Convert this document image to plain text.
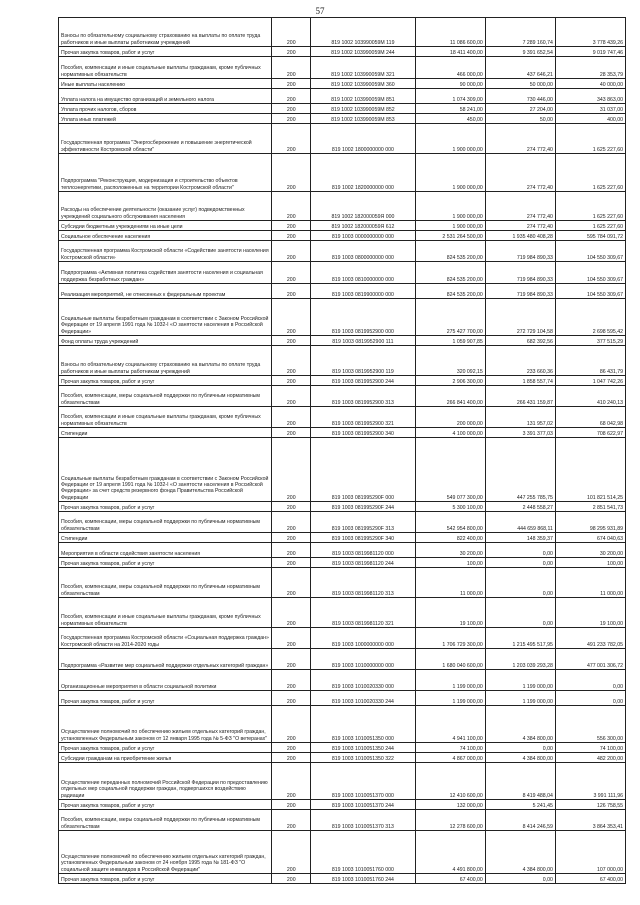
57
Взносы по обязательному социальному страхованию на выплаты по оплате труда работников и иные выплаты работникам учреждений	200	819 1002 103990059М 119	11 086 600,00	7 289 160,74	3 778 439,26
Прочая закупка товаров, работ и услуг	200	819 1002 103990059М 244	18 411 400,00	9 391 652,54	9 019 747,46
Пособия, компенсации и иные социальные выплаты гражданам, кроме публичных нормативных обязательств	200	819 1002 103990059М 321	466 000,00	437 646,21	28 353,79
Иные выплаты населению	200	819 1002 103990059М 360	90 000,00	50 000,00	40 000,00
Уплата налога на имущество организаций и земельного налога	200	819 1002 103990059М 851	1 074 309,00	730 446,00	343 863,00
Уплата прочих налогов, сборов	200	819 1002 103990059М 852	58 241,00	27 204,00	31 037,00
Уплата иных платежей	200	819 1002 103990059М 853	450,00	50,00	400,00
Государственная программа "Энергосбережение и повышение энергетической эффективности Костромской области"	200	819 1002 1800000000 000	1 900 000,00	274 772,40	1 625 227,60
Подпрограмма "Реконструкция, модернизация и строительство объектов теплоэнергетики, расположенных на территории Костромской области"	200	819 1002 1820000000 000	1 900 000,00	274 772,40	1 625 227,60
Расходы на обеспечение деятельности (оказание услуг) подведомственных учреждений социального обслуживания населения	200	819 1002 182000059Я 000	1 900 000,00	274 772,40	1 625 227,60
Субсидии бюджетным учреждениям на иные цели	200	819 1002 182000059Я 612	1 900 000,00	274 772,40	1 625 227,60
Социальное обеспечение населения	200	819 1003 0000000000 000	2 531 264 500,00	1 935 480 408,28	595 784 091,72
Государственная программа Костромской области «Содействие занятости населения Костромской области»	200	819 1003 0800000000 000	824 535 200,00	719 984 890,33	104 550 309,67
Подпрограмма «Активная политика содействия занятости населения и социальная поддержка безработных граждан»	200	819 1003 0810000000 000	824 535 200,00	719 984 890,33	104 550 309,67
Реализация мероприятий, не отнесенных к федеральным проектам	200	819 1003 0819900000 000	824 535 200,00	719 984 890,33	104 550 309,67
Социальные выплаты безработным гражданам в соответствии с Законом Российской Федерации от 19 апреля 1991 года № 1032-I «О занятости населения в Российской Федерации»	200	819 1003 0819952900 000	275 427 700,00	272 729 104,58	2 698 595,42
Фонд оплаты труда учреждений	200	819 1003 0819952900 111	1 059 907,85	682 392,56	377 515,29
Взносы по обязательному социальному страхованию на выплаты по оплате труда работников и иные выплаты работникам учреждений	200	819 1003 0819952900 119	320 092,15	233 660,36	86 431,79
Прочая закупка товаров, работ и услуг	200	819 1003 0819952900 244	2 906 300,00	1 858 557,74	1 047 742,26
Пособия, компенсации, меры социальной поддержки по публичным нормативным обязательствам	200	819 1003 0819952900 313	266 841 400,00	266 431 159,87	410 240,13
Пособия, компенсации и иные социальные выплаты гражданам, кроме публичных нормативных обязательств	200	819 1003 0819952900 321	200 000,00	131 957,02	68 042,98
Стипендии	200	819 1003 0819952900 340	4 100 000,00	3 391 377,03	708 622,97
Социальные выплаты безработным гражданам в соответствии с Законом Российской Федерации от 19 апреля 1991 года № 1032-I «О занятости населения в Российской Федерации» за счет средств резервного фонда Правительства Российской Федерации	200	819 1003 081995290F 000	549 077 300,00	447 255 785,75	101 821 514,25
Прочая закупка товаров, работ и услуг	200	819 1003 081995290F 244	5 300 100,00	2 448 558,27	2 851 541,73
Пособия, компенсации, меры социальной поддержки по публичным нормативным обязательствам	200	819 1003 081995290F 313	542 954 800,00	444 659 868,11	98 295 931,89
Стипендии	200	819 1003 081995290F 340	822 400,00	148 359,37	674 040,63
Мероприятия в области содействия занятости населения	200	819 1003 0819981120 000	30 200,00	0,00	30 200,00
Прочая закупка товаров, работ и услуг	200	819 1003 0819981120 244	100,00	0,00	100,00
Пособия, компенсации, меры социальной поддержки по публичным нормативным обязательствам	200	819 1003 0819981120 313	11 000,00	0,00	11 000,00
Пособия, компенсации и иные социальные выплаты гражданам, кроме публичных нормативных обязательств	200	819 1003 0819981120 321	19 100,00	0,00	19 100,00
Государственная программа Костромской области «Социальная поддержка граждан» Костромской области на 2014-2020 годы	200	819 1003 1000000000 000	1 706 729 300,00	1 215 495 517,95	491 233 782,05
Подпрограмма «Развитие мер социальной поддержки отдельных категорий граждан»	200	819 1003 1010000000 000	1 680 040 600,00	1 203 039 293,28	477 001 306,72
Организационные мероприятия в области социальной политики	200	819 1003 1010020330 000	1 199 000,00	1 199 000,00	0,00
Прочая закупка товаров, работ и услуг	200	819 1003 1010020330 244	1 199 000,00	1 199 000,00	0,00
Осуществление полномочий по обеспечению жильем отдельных категорий граждан, установленных Федеральным законом от 12 января 1995 года № 5-ФЗ "О ветеранах"	200	819 1003 1010051350 000	4 941 100,00	4 384 800,00	556 300,00
Прочая закупка товаров, работ и услуг	200	819 1003 1010051350 244	74 100,00	0,00	74 100,00
Субсидии гражданам на приобретение жилья	200	819 1003 1010051350 322	4 867 000,00	4 384 800,00	482 200,00
Осуществление переданных полномочий Российской Федерации по предоставлению отдельных мер социальной поддержки граждан, подвергшихся воздействию радиации	200	819 1003 1010051370 000	12 410 600,00	8 419 488,04	3 991 111,96
Прочая закупка товаров, работ и услуг	200	819 1003 1010051370 244	132 000,00	5 241,45	126 758,55
Пособия, компенсации, меры социальной поддержки по публичным нормативным обязательствам	200	819 1003 1010051370 313	12 278 600,00	8 414 246,59	3 864 353,41
Осуществление полномочий по обеспечению жильем отдельных категорий граждан, установленных Федеральным законом от 24 ноября 1995 года № 181-ФЗ "О социальной защите инвалидов в Российской Федерации"	200	819 1003 1010051760 000	4 491 800,00	4 384 800,00	107 000,00
Прочая закупка товаров, работ и услуг	200	819 1003 1010051760 244	67 400,00	0,00	67 400,00
